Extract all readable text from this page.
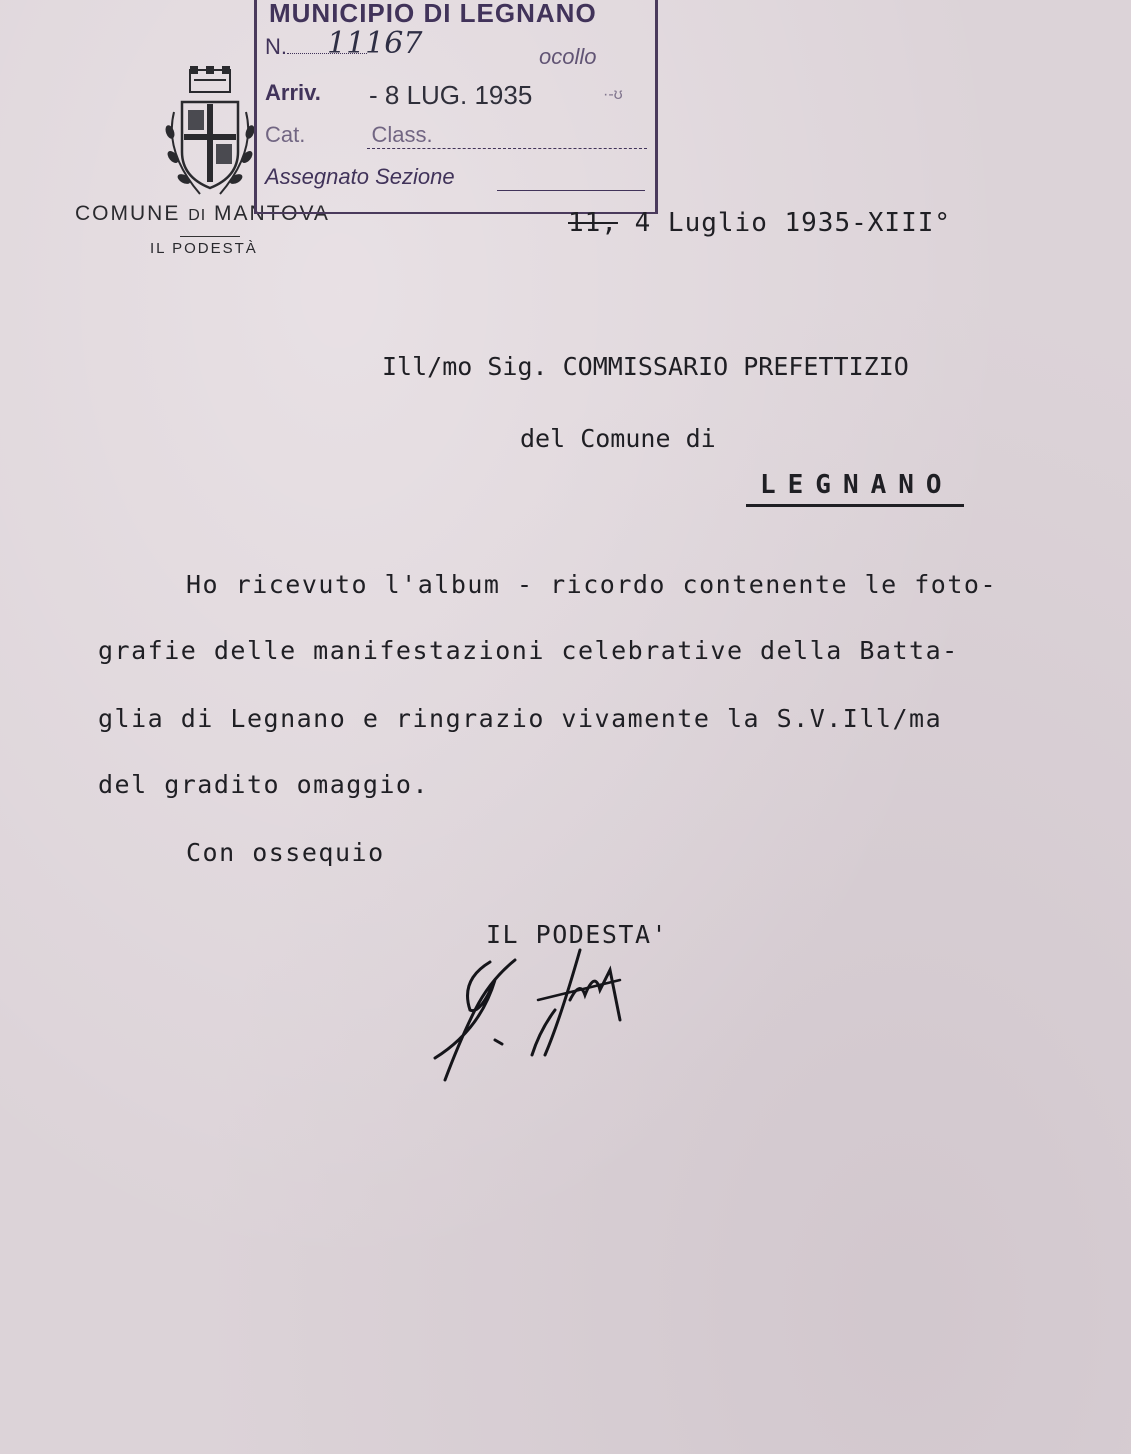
COMUNE DI MANTOVA
IL PODESTÀ
MUNICIPIO DI LEGNANO
N.	11167	ocollo
Arriv. - 8 LUG. 1935	·-ʊ
Cat.	Class.
Assegnato Sezione
11, 4 Luglio 1935-XIII°
Ill/mo Sig. COMMISSARIO PREFETTIZIO
del Comune di
LEGNANO
Ho ricevuto l'album - ricordo contenente le foto-
grafie delle manifestazioni celebrative della Batta-
glia di Legnano e ringrazio vivamente la S.V.Ill/ma
del gradito omaggio.
Con ossequio
IL PODESTA'
